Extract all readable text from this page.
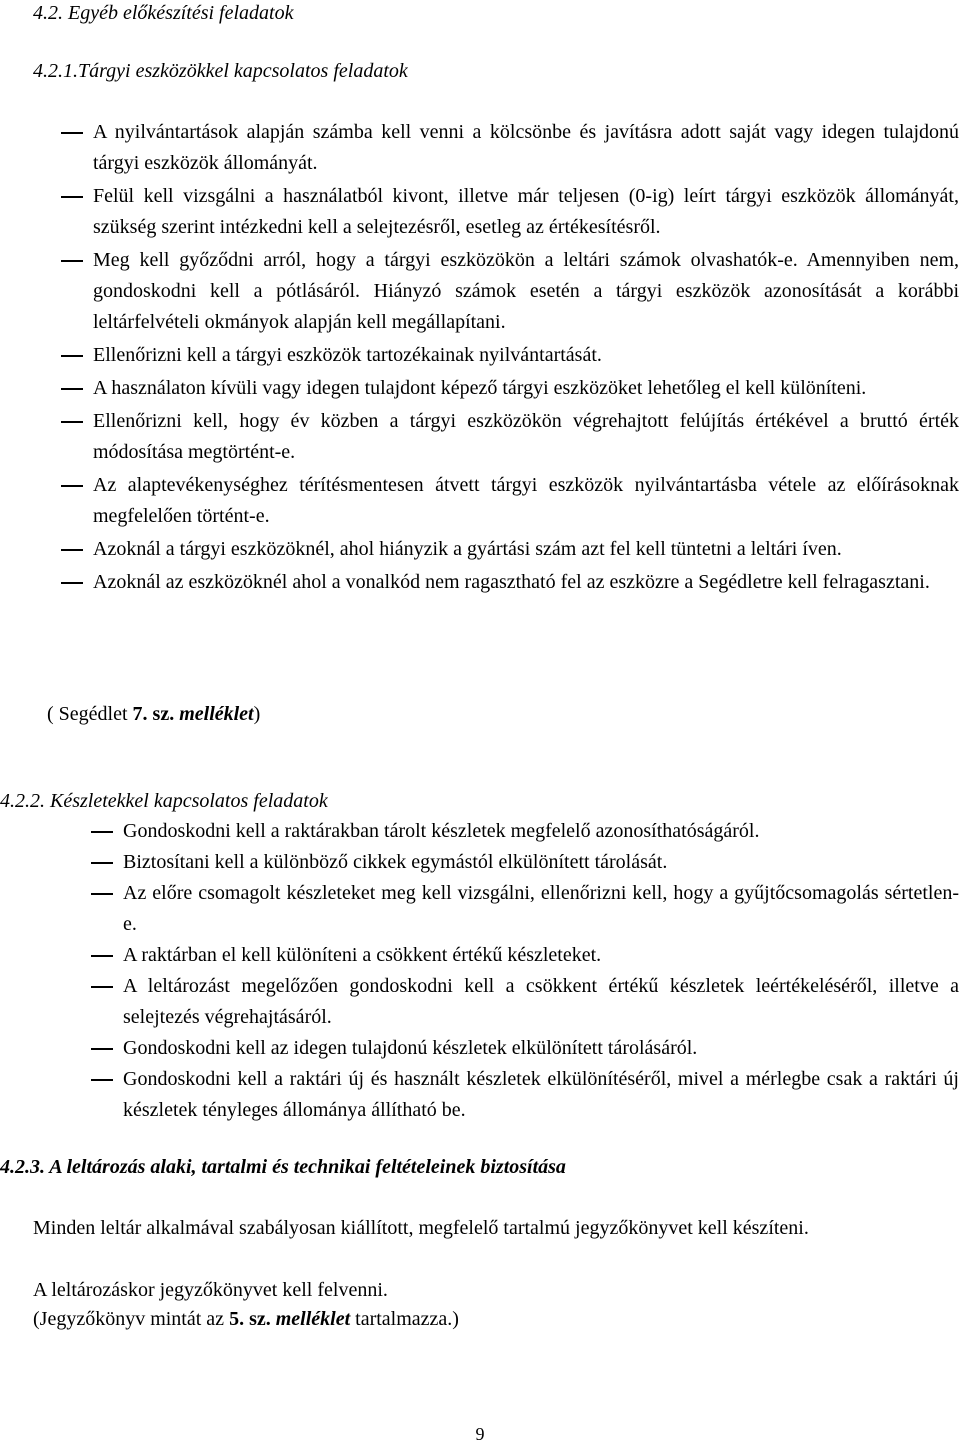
4.2. Egyéb előkészítési feladatok
4.2.1.Tárgyi eszközökkel kapcsolatos feladatok
A nyilvántartások alapján számba kell venni a kölcsönbe és javításra adott saját vagy idegen tulajdonú tárgyi eszközök állományát.
Felül kell vizsgálni a használatból kivont, illetve már teljesen (0-ig) leírt tárgyi eszközök állományát, szükség szerint intézkedni kell a selejtezésről, esetleg az értékesítésről.
Meg kell győződni arról, hogy a tárgyi eszközökön a leltári számok olvashatók-e. Amennyiben nem, gondoskodni kell a pótlásáról. Hiányzó számok esetén a tárgyi eszközök azonosítását a korábbi leltárfelvételi okmányok alapján kell megállapítani.
Ellenőrizni kell a tárgyi eszközök tartozékainak nyilvántartását.
A használaton kívüli vagy idegen tulajdont képező tárgyi eszközöket lehetőleg el kell különíteni.
Ellenőrizni kell, hogy év közben a tárgyi eszközökön végrehajtott felújítás értékével a bruttó érték módosítása megtörtént-e.
Az alaptevékenységhez térítésmentesen átvett tárgyi eszközök nyilvántartásba vétele az előírásoknak megfelelően történt-e.
Azoknál a tárgyi eszközöknél, ahol hiányzik a gyártási szám azt fel kell tüntetni a leltári íven.
Azoknál az eszközöknél ahol a vonalkód nem ragasztható fel az eszközre a Segédletre kell felragasztani.

( Segédlet 7. sz. melléklet)

4.2.2. Készletekkel kapcsolatos feladatok
Gondoskodni kell a raktárakban tárolt készletek megfelelő azonosíthatóságáról.
Biztosítani kell a különböző cikkek egymástól elkülönített tárolását.
Az előre csomagolt készleteket meg kell vizsgálni, ellenőrizni kell, hogy a gyűjtőcsomagolás sértetlen-e.
A raktárban el kell különíteni a csökkent értékű készleteket.
A leltározást megelőzően gondoskodni kell a csökkent értékű készletek leértékeléséről, illetve a selejtezés végrehajtásáról.
Gondoskodni kell az idegen tulajdonú készletek elkülönített tárolásáról.
Gondoskodni kell a raktári új és használt készletek elkülönítéséről, mivel a mérlegbe csak a raktári új készletek tényleges állománya állítható be.
4.2.3. A leltározás alaki, tartalmi és technikai feltételeinek biztosítása

Minden leltár alkalmával szabályosan kiállított, megfelelő tartalmú jegyzőkönyvet kell készíteni.

A leltározáskor jegyzőkönyvet kell felvenni.

(Jegyzőkönyv mintát az 5. sz. melléklet tartalmazza.)

9
